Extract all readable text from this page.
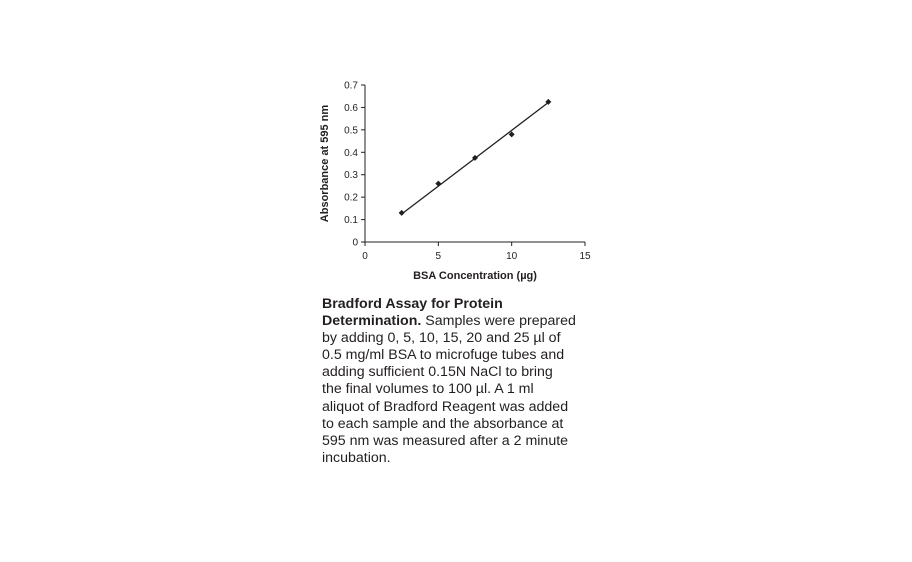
0
0.1
0.2
0.3
0.4
0.5
0.6
0.7
0	5	10	15
BSA Concentration (µg)
Absorbance at 595 nm

Bradford Assay for Protein Determination. Samples were prepared
by adding 0, 5, 10, 15, 20 and 25 µl of
0.5 mg/ml BSA to microfuge tubes and
adding sufficient 0.15N NaCl to bring
the final volumes to 100 µl. A 1 ml
aliquot of Bradford Reagent was added
to each sample and the absorbance at
595 nm was measured after a 2 minute
incubation.
